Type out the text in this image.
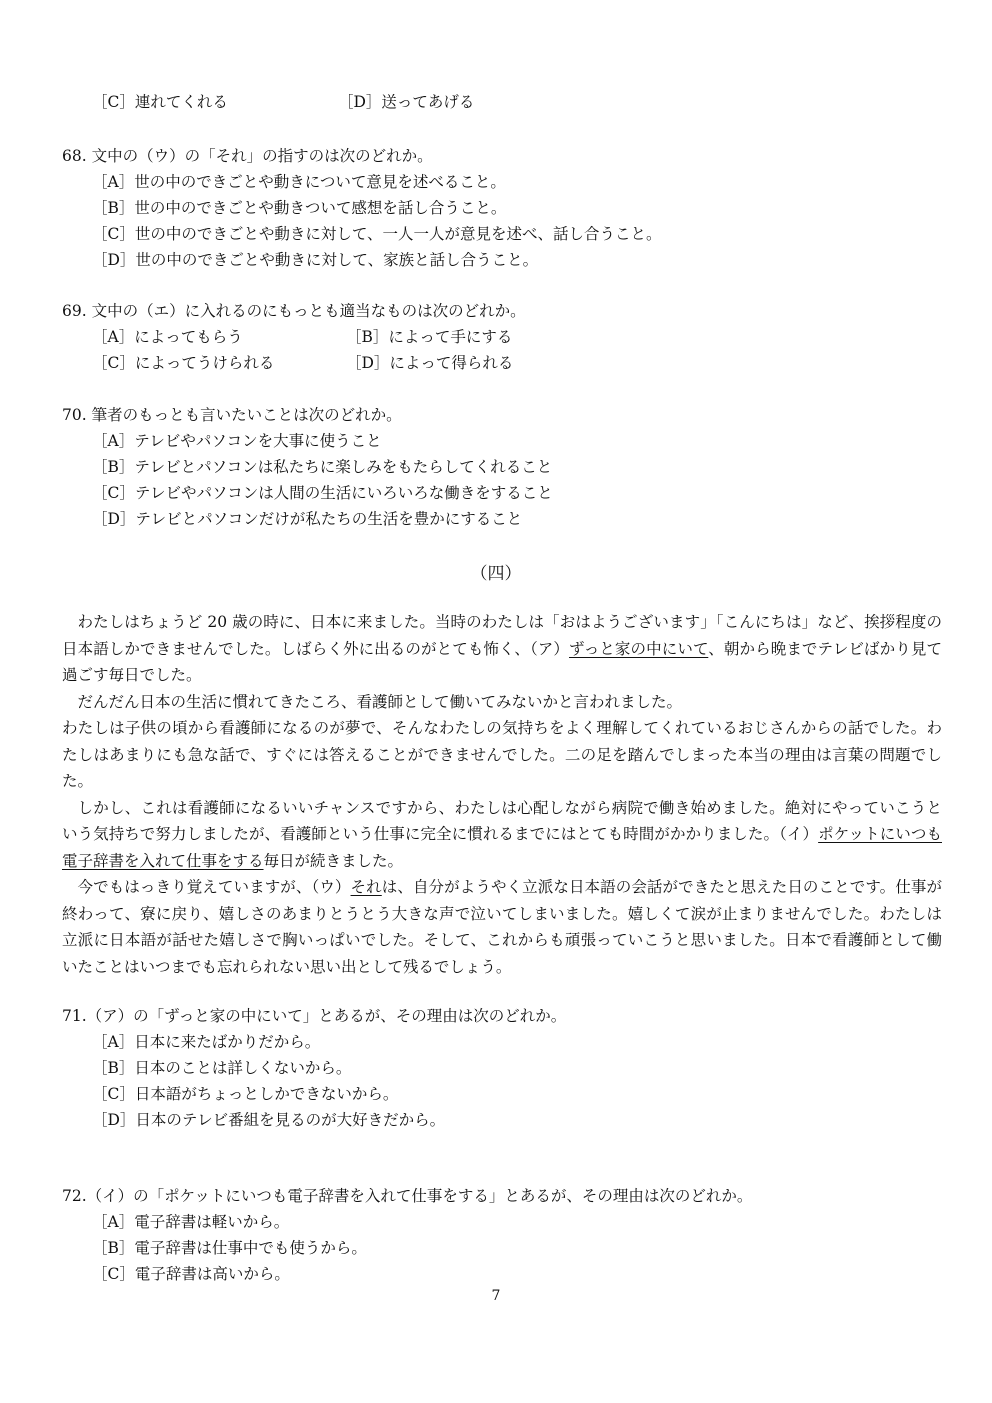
［C］連れてくれる	［D］送ってあげる
68. 文中の（ウ）の「それ」の指すのは次のどれか。
［A］世の中のできごとや動きについて意見を述べること。
［B］世の中のできごとや動きついて感想を話し合うこと。
［C］世の中のできごとや動きに対して、一人一人が意見を述べ、話し合うこと。
［D］世の中のできごとや動きに対して、家族と話し合うこと。
69. 文中の（エ）に入れるのにもっとも適当なものは次のどれか。
［A］によってもらう	［B］によって手にする
［C］によってうけられる	［D］によって得られる
70. 筆者のもっとも言いたいことは次のどれか。
［A］テレビやパソコンを大事に使うこと
［B］テレビとパソコンは私たちに楽しみをもたらしてくれること
［C］テレビやパソコンは人間の生活にいろいろな働きをすること
［D］テレビとパソコンだけが私たちの生活を豊かにすること
（四）

わたしはちょうど 20 歳の時に、日本に来ました。当時のわたしは「おはようございます」「こんにちは」など、挨拶程度の日本語しかできませんでした。しばらく外に出るのがとても怖く、（ア）ずっと家の中にいて、朝から晩までテレビばかり見て過ごす毎日でした。

だんだん日本の生活に慣れてきたころ、看護師として働いてみないかと言われました。

わたしは子供の頃から看護師になるのが夢で、そんなわたしの気持ちをよく理解してくれているおじさんからの話でした。わたしはあまりにも急な話で、すぐには答えることができませんでした。二の足を踏んでしまった本当の理由は言葉の問題でした。

しかし、これは看護師になるいいチャンスですから、わたしは心配しながら病院で働き始めました。絶対にやっていこうという気持ちで努力しましたが、看護師という仕事に完全に慣れるまでにはとても時間がかかりました。（イ）ポケットにいつも電子辞書を入れて仕事をする毎日が続きました。

今でもはっきり覚えていますが、（ウ）それは、自分がようやく立派な日本語の会話ができたと思えた日のことです。仕事が終わって、寮に戻り、嬉しさのあまりとうとう大きな声で泣いてしまいました。嬉しくて涙が止まりませんでした。わたしは立派に日本語が話せた嬉しさで胸いっぱいでした。そして、これからも頑張っていこうと思いました。日本で看護師として働いたことはいつまでも忘れられない思い出として残るでしょう。

71.（ア）の「ずっと家の中にいて」とあるが、その理由は次のどれか。
［A］日本に来たばかりだから。
［B］日本のことは詳しくないから。
［C］日本語がちょっとしかできないから。
［D］日本のテレビ番組を見るのが大好きだから。
72.（イ）の「ポケットにいつも電子辞書を入れて仕事をする」とあるが、その理由は次のどれか。
［A］電子辞書は軽いから。
［B］電子辞書は仕事中でも使うから。
［C］電子辞書は高いから。
7
